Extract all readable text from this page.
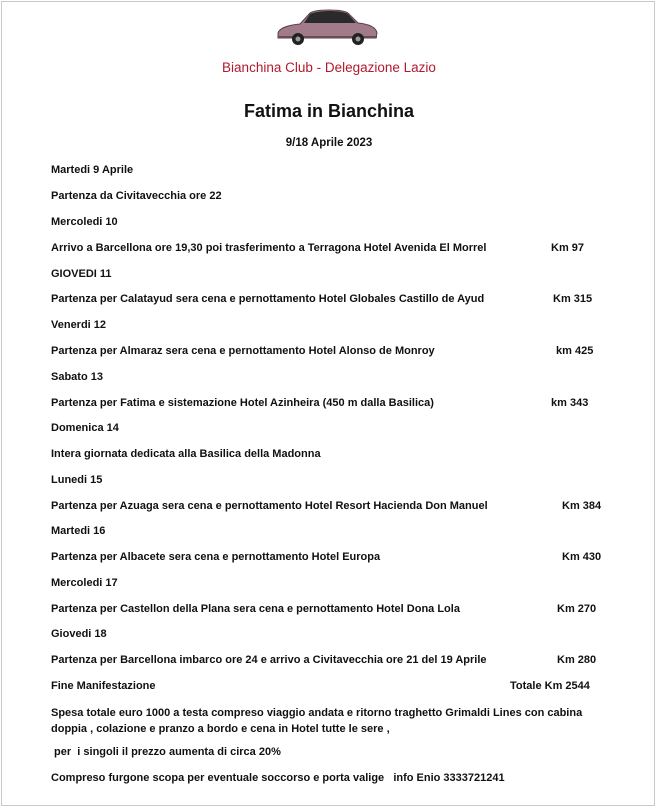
Bianchina Club - Delegazione Lazio
Fatima in Bianchina
9/18 Aprile 2023
Martedi 9 Aprile
Partenza da Civitavecchia ore 22
Mercoledi 10
Arrivo a Barcellona ore 19,30 poi trasferimento a Terragona Hotel Avenida El Morrel	Km 97
GIOVEDI 11
Partenza per Calatayud sera cena e pernottamento Hotel Globales Castillo de Ayud	Km 315
Venerdi 12
Partenza per Almaraz sera cena e pernottamento Hotel Alonso de Monroy	km 425
Sabato 13
Partenza per Fatima e sistemazione Hotel Azinheira (450 m dalla Basilica)	km 343
Domenica 14
Intera giornata dedicata alla Basilica della Madonna
Lunedi 15
Partenza per Azuaga sera cena e pernottamento Hotel Resort Hacienda Don Manuel	Km 384
Martedi 16
Partenza per Albacete sera cena e pernottamento Hotel Europa	Km 430
Mercoledi 17
Partenza per Castellon della Plana sera cena e pernottamento Hotel Dona Lola	Km 270
Giovedi 18
Partenza per Barcellona imbarco ore 24 e arrivo a Civitavecchia ore 21 del 19 Aprile	Km 280
Fine Manifestazione	Totale Km 2544
Spesa totale euro 1000 a testa compreso viaggio andata e ritorno traghetto Grimaldi Lines con cabina doppia , colazione e pranzo a bordo e cena in Hotel tutte le sere ,
per  i singoli il prezzo aumenta di circa 20%
Compreso furgone scopa per eventuale soccorso e porta valige   info Enio 3333721241
